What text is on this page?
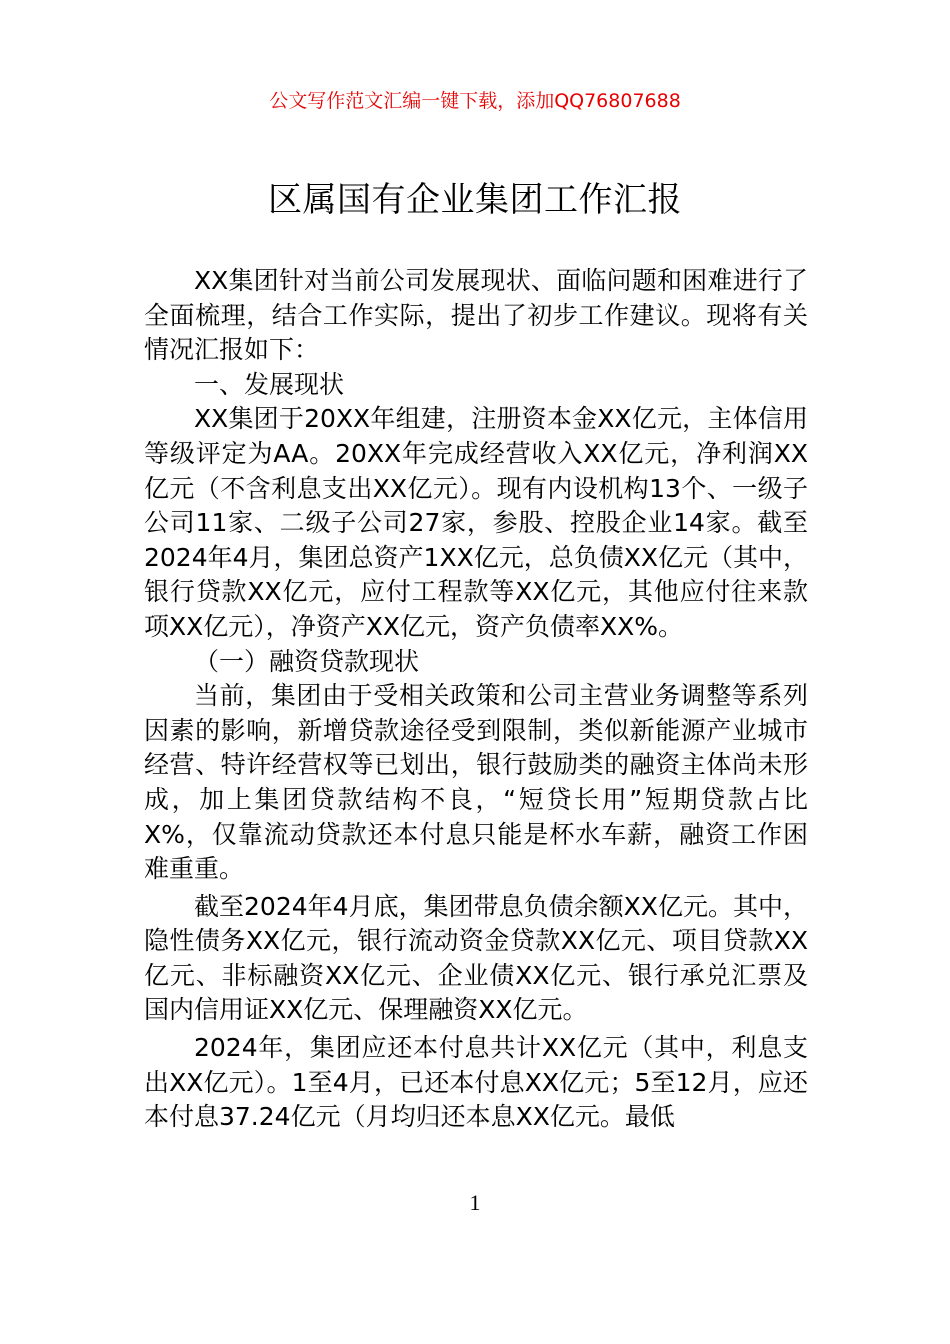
公文写作范文汇编一键下载，添加QQ76807688
区属国有企业集团工作汇报

XX集团针对当前公司发展现状、面临问题和困难进行了全面梳理，结合工作实际，提出了初步工作建议。现将有关情况汇报如下：

一、发展现状

XX集团于20XX年组建，注册资本金XX亿元，主体信用等级评定为AA。20XX年完成经营收入XX亿元，净利润XX亿元（不含利息支出XX亿元）。现有内设机构13个、一级子公司11家、二级子公司27家，参股、控股企业14家。截至2024年4月，集团总资产1XX亿元，总负债XX亿元（其中，银行贷款XX亿元，应付工程款等XX亿元，其他应付往来款项XX亿元），净资产XX亿元，资产负债率XX%。

（一）融资贷款现状

当前，集团由于受相关政策和公司主营业务调整等系列因素的影响，新增贷款途径受到限制，类似新能源产业城市经营、特许经营权等已划出，银行鼓励类的融资主体尚未形成，加上集团贷款结构不良，“短贷长用”短期贷款占比X%，仅靠流动贷款还本付息只能是杯水车薪，融资工作困难重重。

截至2024年4月底，集团带息负债余额XX亿元。其中，隐性债务XX亿元，银行流动资金贷款XX亿元、项目贷款XX亿元、非标融资XX亿元、企业债XX亿元、银行承兑汇票及国内信用证XX亿元、保理融资XX亿元。

2024年，集团应还本付息共计XX亿元（其中，利息支出XX亿元）。1至4月，已还本付息XX亿元；5至12月，应还本付息37.24亿元（月均归还本息XX亿元。最低

1
